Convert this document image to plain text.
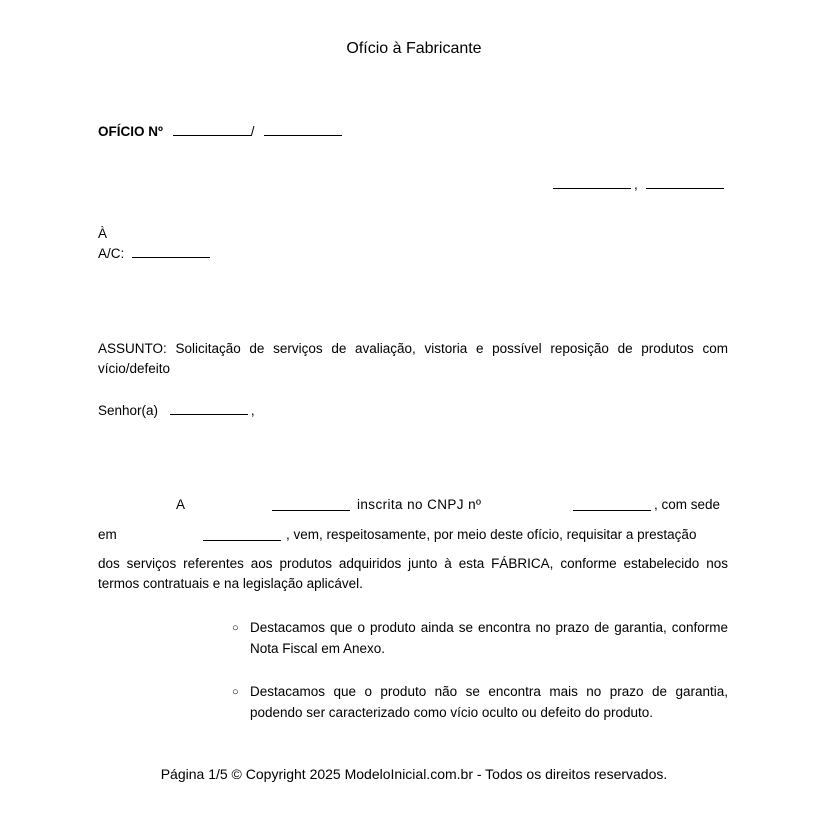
Ofício à Fabricante
OFÍCIO Nº	/
,
À
A/C:
ASSUNTO: Solicitação de serviços de avaliação, vistoria e possível reposição de produtos com vício/defeito
Senhor(a)	,
A	inscrita no CNPJ nº	, com sede
em	, vem, respeitosamente, por meio deste ofício, requisitar a prestação
dos serviços referentes aos produtos adquiridos junto à esta FÁBRICA, conforme estabelecido nos termos contratuais e na legislação aplicável.
○ Destacamos que o produto ainda se encontra no prazo de garantia, conforme Nota Fiscal em Anexo.
○ Destacamos que o produto não se encontra mais no prazo de garantia, podendo ser caracterizado como vício oculto ou defeito do produto.
Página 1/5 © Copyright 2025 ModeloInicial.com.br - Todos os direitos reservados.
